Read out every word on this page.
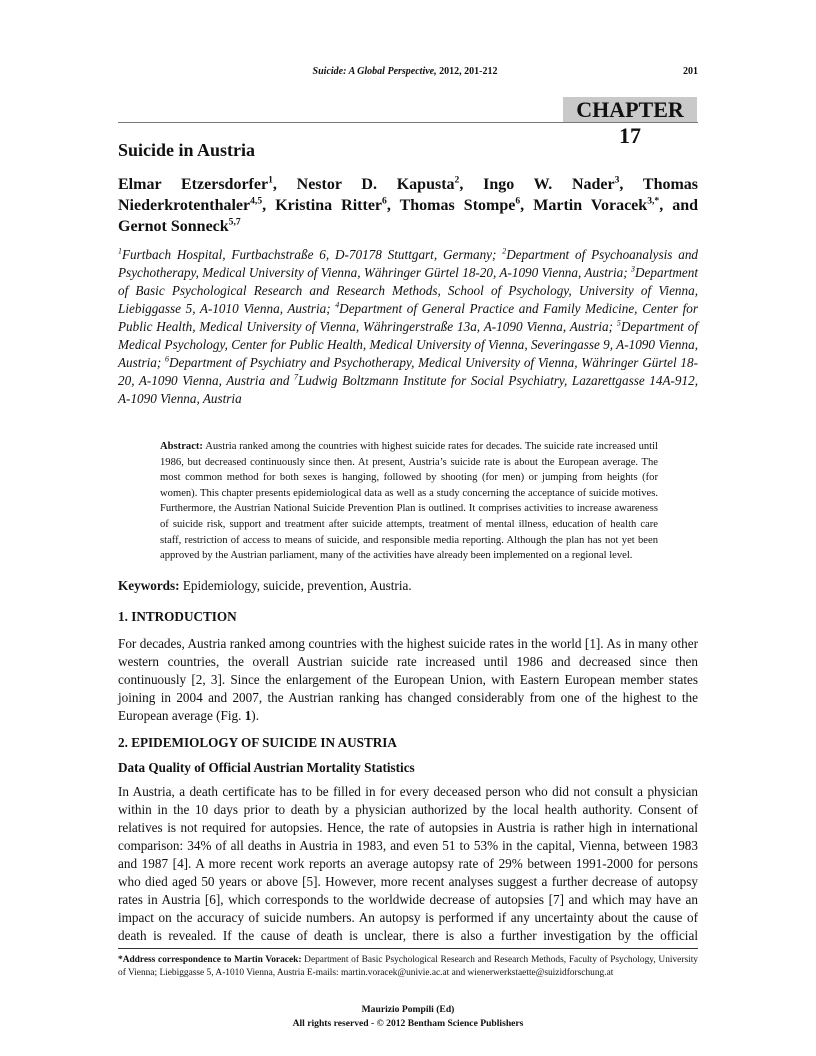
Suicide: A Global Perspective, 2012, 201-212	201
CHAPTER 17
Suicide in Austria
Elmar Etzersdorfer$^1$, Nestor D. Kapusta$^2$, Ingo W. Nader$^3$, Thomas Niederkrotenthaler$^{4,5}$, Kristina Ritter$^6$, Thomas Stompe$^6$, Martin Voracek$^{3,*}$, and Gernot Sonneck$^{5,7}$
$^1$Furtbach Hospital, Furtbachstraße 6, D-70178 Stuttgart, Germany; $^2$Department of Psychoanalysis and Psychotherapy, Medical University of Vienna, Währinger Gürtel 18-20, A-1090 Vienna, Austria; $^3$Department of Basic Psychological Research and Research Methods, School of Psychology, University of Vienna, Liebiggasse 5, A-1010 Vienna, Austria; $^4$Department of General Practice and Family Medicine, Center for Public Health, Medical University of Vienna, Währingerstraße 13a, A-1090 Vienna, Austria; $^5$Department of Medical Psychology, Center for Public Health, Medical University of Vienna, Severingasse 9, A-1090 Vienna, Austria; $^6$Department of Psychiatry and Psychotherapy, Medical University of Vienna, Währinger Gürtel 18-20, A-1090 Vienna, Austria and $^7$Ludwig Boltzmann Institute for Social Psychiatry, Lazarettgasse 14A-912, A-1090 Vienna, Austria
Abstract: Austria ranked among the countries with highest suicide rates for decades. The suicide rate increased until 1986, but decreased continuously since then. At present, Austria’s suicide rate is about the European average. The most common method for both sexes is hanging, followed by shooting (for men) or jumping from heights (for women). This chapter presents epidemiological data as well as a study concerning the acceptance of suicide motives. Furthermore, the Austrian National Suicide Prevention Plan is outlined. It comprises activities to increase awareness of suicide risk, support and treatment after suicide attempts, treatment of mental illness, education of health care staff, restriction of access to means of suicide, and responsible media reporting. Although the plan has not yet been approved by the Austrian parliament, many of the activities have already been implemented on a regional level.
Keywords: Epidemiology, suicide, prevention, Austria.
1. INTRODUCTION
For decades, Austria ranked among countries with the highest suicide rates in the world [1]. As in many other western countries, the overall Austrian suicide rate increased until 1986 and decreased since then continuously [2, 3]. Since the enlargement of the European Union, with Eastern European member states joining in 2004 and 2007, the Austrian ranking has changed considerably from one of the highest to the European average (Fig. 1).
2. EPIDEMIOLOGY OF SUICIDE IN AUSTRIA
Data Quality of Official Austrian Mortality Statistics
In Austria, a death certificate has to be filled in for every deceased person who did not consult a physician within in the 10 days prior to death by a physician authorized by the local health authority. Consent of relatives is not required for autopsies. Hence, the rate of autopsies in Austria is rather high in international comparison: 34% of all deaths in Austria in 1983, and even 51 to 53% in the capital, Vienna, between 1983 and 1987 [4]. A more recent work reports an average autopsy rate of 29% between 1991-2000 for persons who died aged 50 years or above [5]. However, more recent analyses suggest a further decrease of autopsy rates in Austria [6], which corresponds to the worldwide decrease of autopsies [7] and which may have an impact on the accuracy of suicide numbers. An autopsy is performed if any uncertainty about the cause of death is revealed. If the cause of death is unclear, there is also a further investigation by the official
*Address correspondence to Martin Voracek: Department of Basic Psychological Research and Research Methods, Faculty of Psychology, University of Vienna; Liebiggasse 5, A-1010 Vienna, Austria E-mails: martin.voracek@univie.ac.at and wienerwerkstaette@suizidforschung.at
Maurizio Pompili (Ed)
All rights reserved - © 2012 Bentham Science Publishers
